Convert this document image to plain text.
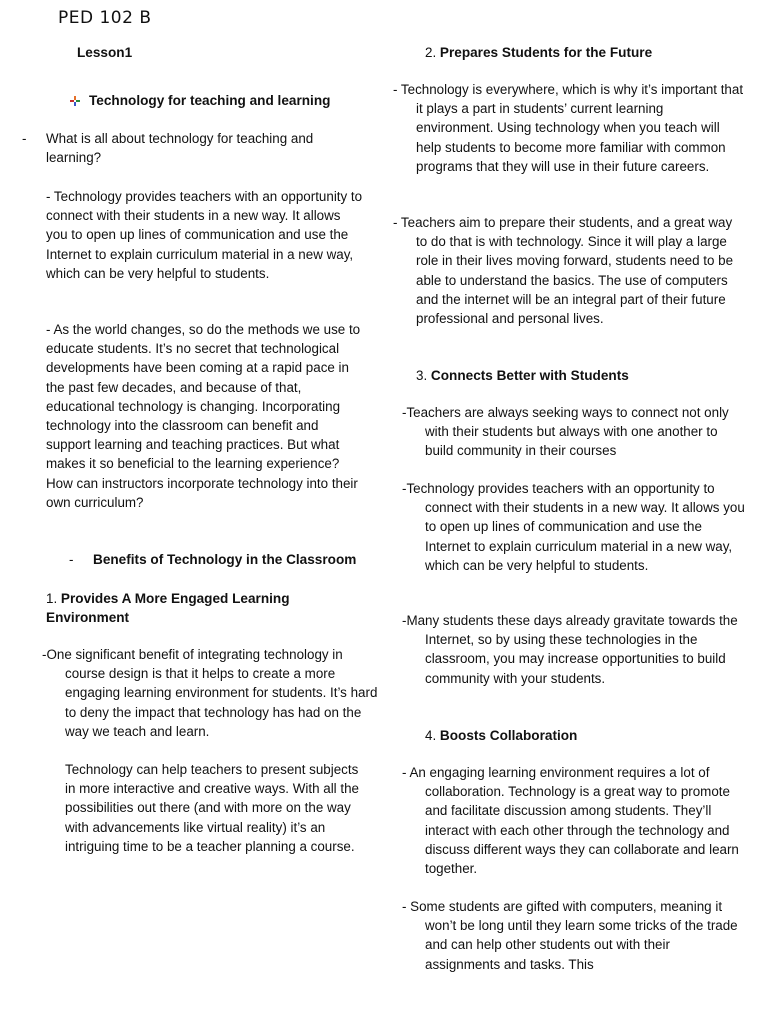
PED 102 B
Lesson1
Technology for teaching and learning
- What is all about technology for teaching and learning?

- Technology provides teachers with an opportunity to connect with their students in a new way. It allows you to open up lines of communication and use the Internet to explain curriculum material in a new way, which can be very helpful to students.

- As the world changes, so do the methods we use to educate students. It’s no secret that technological developments have been coming at a rapid pace in the past few decades, and because of that, educational technology is changing. Incorporating technology into the classroom can benefit and support learning and teaching practices. But what makes it so beneficial to the learning experience? How can instructors incorporate technology into their own curriculum?

- Benefits of Technology in the Classroom
1. Provides A More Engaged Learning Environment

-One significant benefit of integrating technology in course design is that it helps to create a more engaging learning environment for students. It’s hard to deny the impact that technology has had on the way we teach and learn.

Technology can help teachers to present subjects in more interactive and creative ways. With all the possibilities out there (and with more on the way with advancements like virtual reality) it’s an intriguing time to be a teacher planning a course.

2. Prepares Students for the Future

- Technology is everywhere, which is why it’s important that it plays a part in students’ current learning environment. Using technology when you teach will help students to become more familiar with common programs that they will use in their future careers.

- Teachers aim to prepare their students, and a great way to do that is with technology. Since it will play a large role in their lives moving forward, students need to be able to understand the basics. The use of computers and the internet will be an integral part of their future professional and personal lives.

3. Connects Better with Students

-Teachers are always seeking ways to connect not only with their students but always with one another to build community in their courses

-Technology provides teachers with an opportunity to connect with their students in a new way. It allows you to open up lines of communication and use the Internet to explain curriculum material in a new way, which can be very helpful to students.

-Many students these days already gravitate towards the Internet, so by using these technologies in the classroom, you may increase opportunities to build community with your students.

4. Boosts Collaboration

- An engaging learning environment requires a lot of collaboration. Technology is a great way to promote and facilitate discussion among students. They’ll interact with each other through the technology and discuss different ways they can collaborate and learn together.

- Some students are gifted with computers, meaning it won’t be long until they learn some tricks of the trade and can help other students out with their assignments and tasks. This
